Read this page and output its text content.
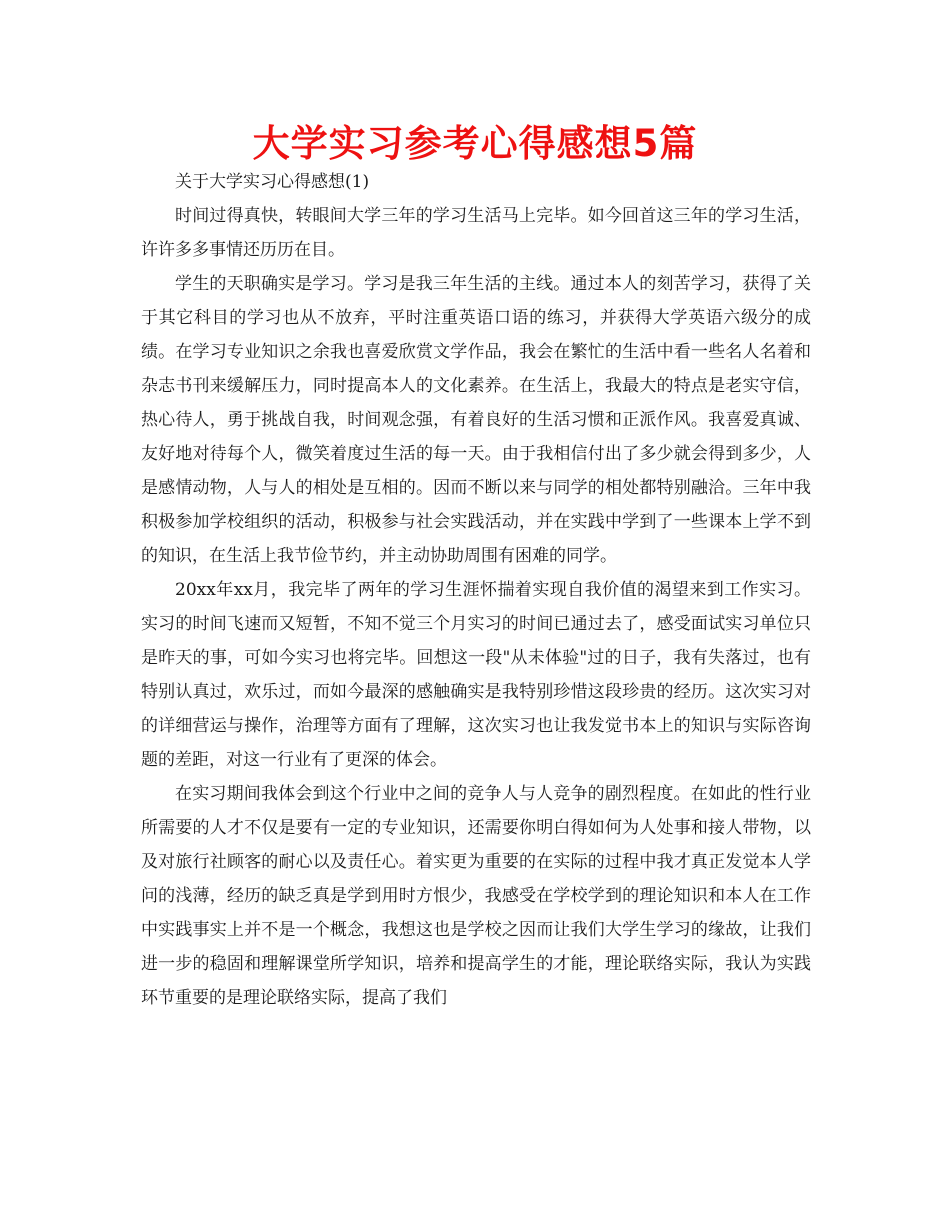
大学实习参考心得感想5篇

关于大学实习心得感想(1)

时间过得真快，转眼间大学三年的学习生活马上完毕。如今回首这三年的学习生活，许许多多事情还历历在目。

学生的天职确实是学习。学习是我三年生活的主线。通过本人的刻苦学习，获得了关于其它科目的学习也从不放弃，平时注重英语口语的练习，并获得大学英语六级分的成绩。在学习专业知识之余我也喜爱欣赏文学作品，我会在繁忙的生活中看一些名人名着和杂志书刊来缓解压力，同时提高本人的文化素养。在生活上，我最大的特点是老实守信，热心待人，勇于挑战自我，时间观念强，有着良好的生活习惯和正派作风。我喜爱真诚、友好地对待每个人，微笑着度过生活的每一天。由于我相信付出了多少就会得到多少，人是感情动物，人与人的相处是互相的。因而不断以来与同学的相处都特别融洽。三年中我积极参加学校组织的活动，积极参与社会实践活动，并在实践中学到了一些课本上学不到的知识，在生活上我节俭节约，并主动协助周围有困难的同学。

20xx年xx月，我完毕了两年的学习生涯怀揣着实现自我价值的渴望来到工作实习。实习的时间飞速而又短暂，不知不觉三个月实习的时间已通过去了，感受面试实习单位只是昨天的事，可如今实习也将完毕。回想这一段"从未体验"过的日子，我有失落过，也有特别认真过，欢乐过，而如今最深的感触确实是我特别珍惜这段珍贵的经历。这次实习对的详细营运与操作，治理等方面有了理解，这次实习也让我发觉书本上的知识与实际咨询题的差距，对这一行业有了更深的体会。

在实习期间我体会到这个行业中之间的竞争人与人竞争的剧烈程度。在如此的性行业所需要的人才不仅是要有一定的专业知识，还需要你明白得如何为人处事和接人带物，以及对旅行社顾客的耐心以及责任心。着实更为重要的在实际的过程中我才真正发觉本人学问的浅薄，经历的缺乏真是学到用时方恨少，我感受在学校学到的理论知识和本人在工作中实践事实上并不是一个概念，我想这也是学校之因而让我们大学生学习的缘故，让我们进一步的稳固和理解课堂所学知识，培养和提高学生的才能，理论联络实际，我认为实践环节重要的是理论联络实际，提高了我们
